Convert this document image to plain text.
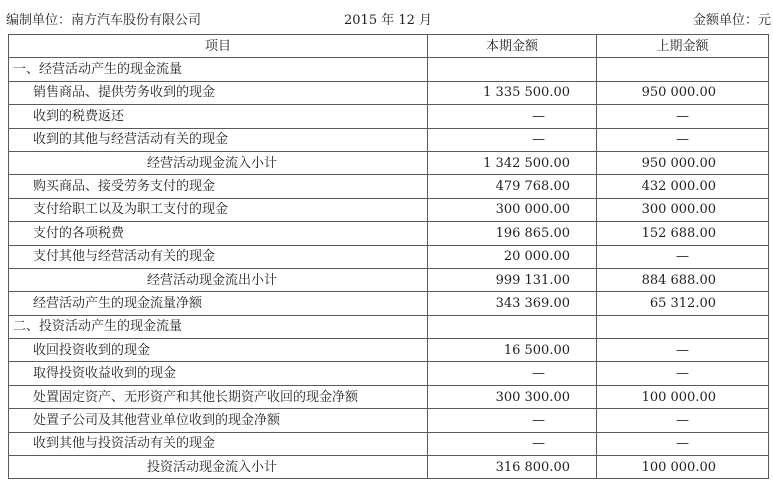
编制单位：南方汽车股份有限公司	2015 年 12 月	金额单位：元
项目	本期金额	上期金额
一、经营活动产生的现金流量		
销售商品、提供劳务收到的现金	1 335 500.00	950 000.00
收到的税费返还	—	—
收到的其他与经营活动有关的现金	—	—
经营活动现金流入小计	1 342 500.00	950 000.00
购买商品、接受劳务支付的现金	479 768.00	432 000.00
支付给职工以及为职工支付的现金	300 000.00	300 000.00
支付的各项税费	196 865.00	152 688.00
支付其他与经营活动有关的现金	20 000.00	—
经营活动现金流出小计	999 131.00	884 688.00
经营活动产生的现金流量净额	343 369.00	65 312.00
二、投资活动产生的现金流量		
收回投资收到的现金	16 500.00	—
取得投资收益收到的现金	—	—
处置固定资产、无形资产和其他长期资产收回的现金净额	300 300.00	100 000.00
处置子公司及其他营业单位收到的现金净额	—	—
收到其他与投资活动有关的现金	—	—
投资活动现金流入小计	316 800.00	100 000.00
